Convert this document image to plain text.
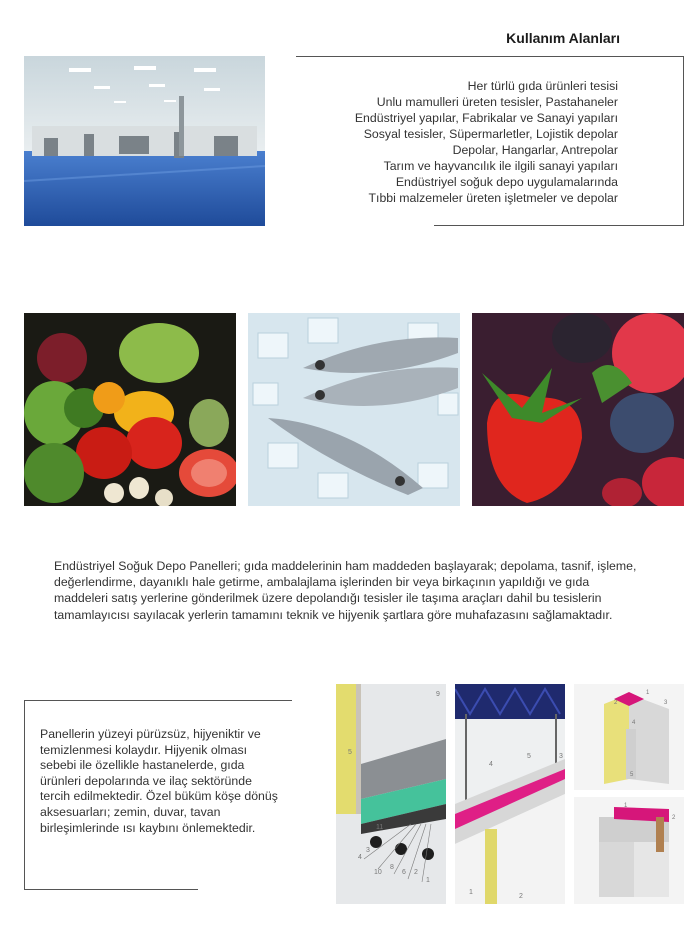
Kullanım Alanları
Her türlü gıda ürünleri tesisi
Unlu mamulleri üreten tesisler, Pastahaneler
Endüstriyel yapılar, Fabrikalar ve Sanayi yapıları
Sosyal tesisler, Süpermarletler, Lojistik depolar
Depolar, Hangarlar, Antrepolar
Tarım ve hayvancılık ile ilgili sanayi yapıları
Endüstriyel soğuk depo uygulamalarında
Tıbbi malzemeler üreten işletmeler ve depolar
Endüstriyel Soğuk Depo Panelleri; gıda maddelerinin ham maddeden başlayarak; depolama, tasnif, işleme, değerlendirme, dayanıklı hale getirme, ambalajlama işlerinden bir veya birkaçının yapıldığı ve gıda maddeleri satış yerlerine gönderilmek üzere depolandığı tesisler ile taşıma araçları dahil bu tesislerin tamamlayıcısı sayılacak yerlerin tamamını teknik ve hijyenik şartlara göre muhafazasını sağlamaktadır.
Panellerin yüzeyi pürüzsüz, hijyeniktir ve temizlenmesi kolaydır. Hijyenik olması sebebi ile özellikle hastanelerde, gıda ürünleri depolarında ve ilaç sektöründe tercih edilmektedir. Özel büküm köşe dönüş aksesuarları; zemin, duvar, tavan birleşimlerinde ısı kaybını önlemektedir.
9
5
11
4
3
10
8
6 2
1
4
5	3
1
2
1
2	3
4
5
1
2
